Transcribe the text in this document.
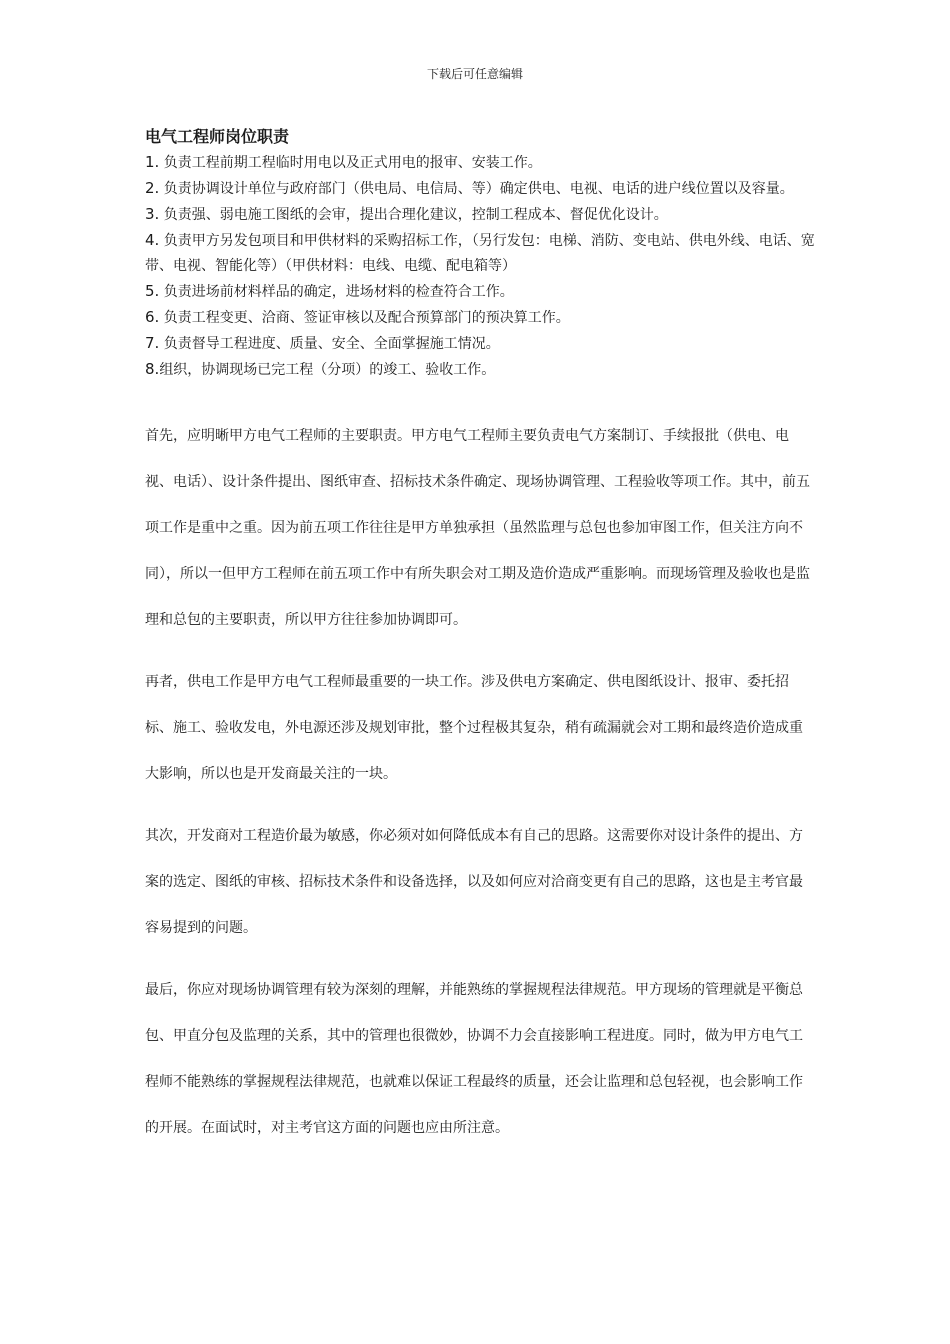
下载后可任意编辑
电气工程师岗位职责
1. 负责工程前期工程临时用电以及正式用电的报审、安装工作。
2. 负责协调设计单位与政府部门（供电局、电信局、等）确定供电、电视、电话的进户线位置以及容量。
3. 负责强、弱电施工图纸的会审，提出合理化建议，控制工程成本、督促优化设计。
4. 负责甲方另发包项目和甲供材料的采购招标工作，（另行发包：电梯、消防、变电站、供电外线、电话、宽带、电视、智能化等）（甲供材料：电线、电缆、配电箱等）
5. 负责进场前材料样品的确定，进场材料的检查符合工作。
6. 负责工程变更、洽商、签证审核以及配合预算部门的预决算工作。
7. 负责督导工程进度、质量、安全、全面掌握施工情况。
8.组织，协调现场已完工程（分项）的竣工、验收工作。

首先，应明晰甲方电气工程师的主要职责。甲方电气工程师主要负责电气方案制订、手续报批（供电、电视、电话）、设计条件提出、图纸审查、招标技术条件确定、现场协调管理、工程验收等项工作。其中，前五项工作是重中之重。因为前五项工作往往是甲方单独承担（虽然监理与总包也参加审图工作，但关注方向不同），所以一但甲方工程师在前五项工作中有所失职会对工期及造价造成严重影响。而现场管理及验收也是监理和总包的主要职责，所以甲方往往参加协调即可。

再者，供电工作是甲方电气工程师最重要的一块工作。涉及供电方案确定、供电图纸设计、报审、委托招标、施工、验收发电，外电源还涉及规划审批，整个过程极其复杂，稍有疏漏就会对工期和最终造价造成重大影响，所以也是开发商最关注的一块。

其次，开发商对工程造价最为敏感，你必须对如何降低成本有自己的思路。这需要你对设计条件的提出、方案的选定、图纸的审核、招标技术条件和设备选择，以及如何应对洽商变更有自己的思路，这也是主考官最容易提到的问题。

最后，你应对现场协调管理有较为深刻的理解，并能熟练的掌握规程法律规范。甲方现场的管理就是平衡总包、甲直分包及监理的关系，其中的管理也很微妙，协调不力会直接影响工程进度。同时，做为甲方电气工程师不能熟练的掌握规程法律规范，也就难以保证工程最终的质量，还会让监理和总包轻视，也会影响工作的开展。在面试时，对主考官这方面的问题也应由所注意。
